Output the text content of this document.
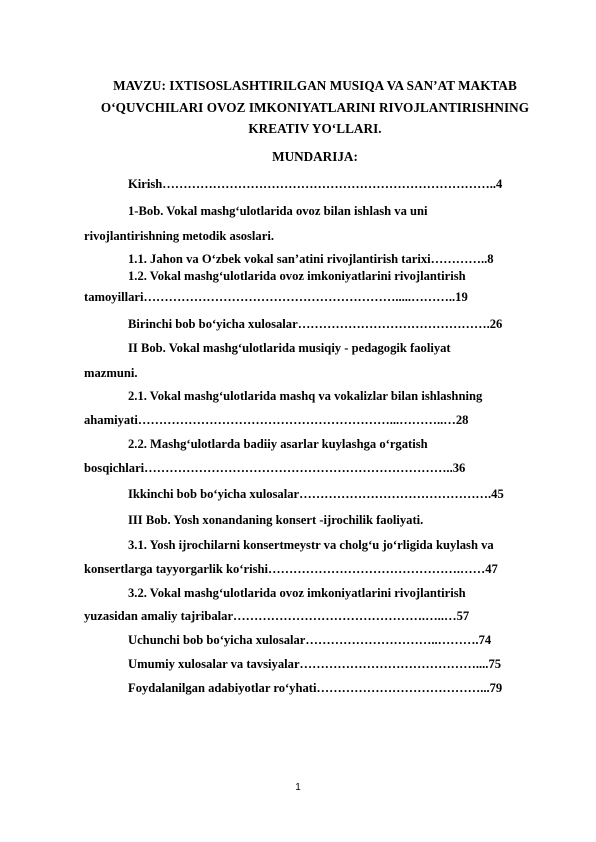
MAVZU: IXTISOSLASHTIRILGAN MUSIQA VA SAN’AT MAKTAB
O‘QUVCHILARI OVOZ IMKONIYATLARINI RIVOJLANTIRISHNING
KREATIV YO‘LLARI.
MUNDARIJA:
Kirish……………………………………………………………………..4
1-Bob. Vokal mashg‘ulotlarida ovoz bilan ishlash va uni
rivojlantirishning metodik asoslari.
1.1. Jahon va O‘zbek vokal san’atini rivojlantirish tarixi…………..8
1.2. Vokal mashg‘ulotlarida ovoz imkoniyatlarini rivojlantirish
tamoyillari…………………………………………………….....………..19
Birinchi bob bo‘yicha xulosalar……………………………………….26
II Bob. Vokal mashgʻulotlarida musiqiy - pedagogik faoliyat
mazmuni.
2.1. Vokal mashg‘ulotlarida mashq va vokalizlar bilan ishlashning
ahamiyati……………………………………………………...………..…28
2.2. Mashg‘ulotlarda badiiy asarlar kuylashga o‘rgatish
bosqichlari………………………………………………………………..36
Ikkinchi bob bo‘yicha xulosalar……………………………………….45
III Bob. Yosh xonandaning konsert -ijrochilik faoliyati.
3.1. Yosh ijrochilarni konsertmeystr va cholg‘u jo‘rligida kuylash va
konsertlarga tayyorgarlik ko‘rishi……………………………………….……47
3.2. Vokal mashg‘ulotlarida ovoz imkoniyatlarini rivojlantirish
yuzasidan amaliy tajribalar……………………………………….…..…57
Uchunchi bob bo‘yicha xulosalar…………………………..……….74
Umumiy xulosalar va tavsiyalar……………………………………....75
Foydalanilgan adabiyotlar ro‘yhati…………………………………...79
1
